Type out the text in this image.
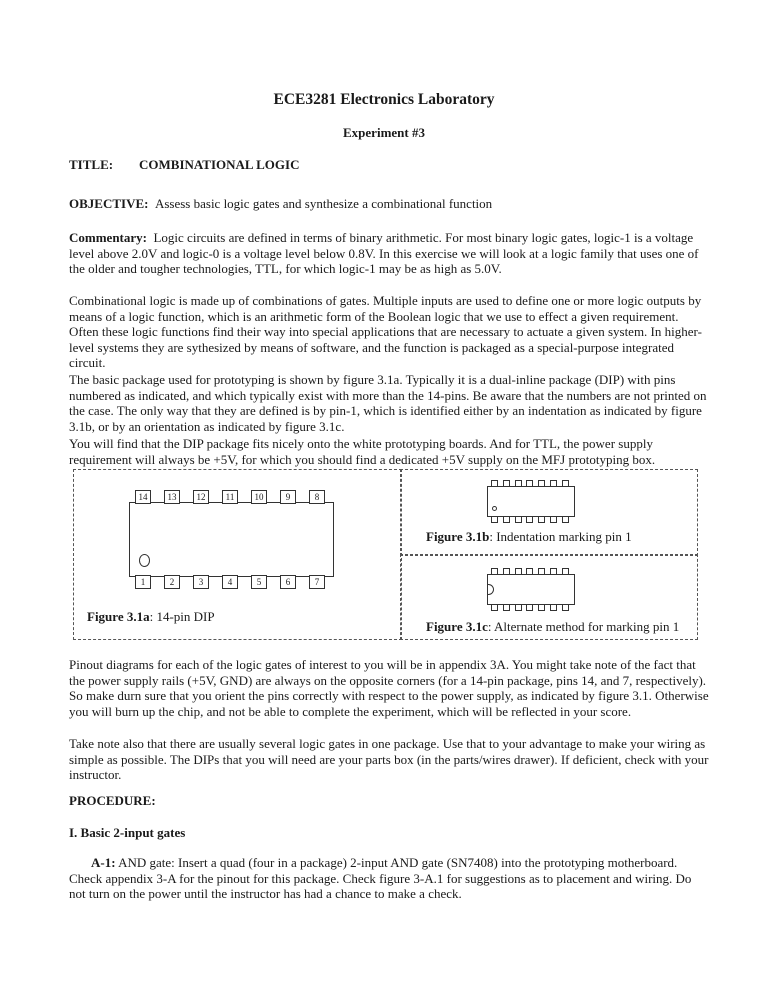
ECE3281 Electronics Laboratory
Experiment #3
TITLE: COMBINATIONAL LOGIC
OBJECTIVE: Assess basic logic gates and synthesize a combinational function
Commentary: Logic circuits are defined in terms of binary arithmetic. For most binary logic gates, logic-1 is a voltage level above 2.0V and logic-0 is a voltage level below 0.8V. In this exercise we will look at a logic family that uses one of the older and tougher technologies, TTL, for which logic-1 may be as high as 5.0V.
Combinational logic is made up of combinations of gates. Multiple inputs are used to define one or more logic outputs by means of a logic function, which is an arithmetic form of the Boolean logic that we use to effect a given requirement. Often these logic functions find their way into special applications that are necessary to actuate a given system. In higher-level systems they are sythesized by means of software, and the function is packaged as a special-purpose integrated circuit.
The basic package used for prototyping is shown by figure 3.1a. Typically it is a dual-inline package (DIP) with pins numbered as indicated, and which typically exist with more than the 14-pins. Be aware that the numbers are not printed on the case. The only way that they are defined is by pin-1, which is identified either by an indentation as indicated by figure 3.1b, or by an orientation as indicated by figure 3.1c.
You will find that the DIP package fits nicely onto the white prototyping boards. And for TTL, the power supply requirement will always be +5V, for which you should find a dedicated +5V supply on the MFJ prototyping box.
14	13	12	11	10	9	8
1	2	3	4	5	6	7
Figure 3.1a: 14-pin DIP
Figure 3.1b: Indentation marking pin 1
Figure 3.1c: Alternate method for marking pin 1
Pinout diagrams for each of the logic gates of interest to you will be in appendix 3A. You might take note of the fact that the power supply rails (+5V, GND) are always on the opposite corners (for a 14-pin package, pins 14, and 7, respectively). So make durn sure that you orient the pins correctly with respect to the power supply, as indicated by figure 3.1. Otherwise you will burn up the chip, and not be able to complete the experiment, which will be reflected in your score.
Take note also that there are usually several logic gates in one package. Use that to your advantage to make your wiring as simple as possible. The DIPs that you will need are your parts box (in the parts/wires drawer). If deficient, check with your instructor.
PROCEDURE:
I. Basic 2-input gates
A-1: AND gate: Insert a quad (four in a package) 2-input AND gate (SN7408) into the prototyping motherboard. Check appendix 3-A for the pinout for this package. Check figure 3-A.1 for suggestions as to placement and wiring. Do not turn on the power until the instructor has had a chance to make a check.
